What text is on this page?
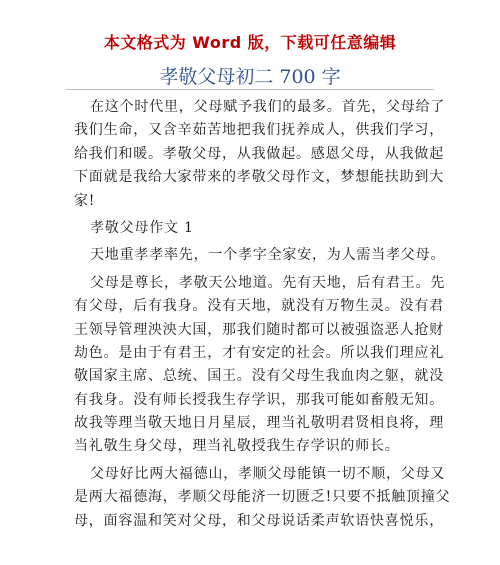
本文格式为 Word 版，下载可任意编辑
孝敬父母初二 700 字
在这个时代里，父母赋予我们的最多。首先，父母给了
我们生命，又含辛茹苦地把我们抚养成人，供我们学习，
给我们和暖。孝敬父母，从我做起。感恩父母，从我做起
下面就是我给大家带来的孝敬父母作文，梦想能扶助到大
家!
孝敬父母作文 1
天地重孝孝率先，一个孝字全家安，为人需当孝父母。
父母是尊长，孝敬天公地道。先有天地，后有君王。先
有父母，后有我身。没有天地，就没有万物生灵。没有君
王领导管理泱泱大国，那我们随时都可以被强盗恶人抢财
劫色。是由于有君王，才有安定的社会。所以我们理应礼
敬国家主席、总统、国王。没有父母生我血肉之躯，就没
有我身。没有师长授我生存学识，那我可能如畜般无知。
故我等理当敬天地日月星辰，理当礼敬明君贤相良将，理
当礼敬生身父母，理当礼敬授我生存学识的师长。
父母好比两大福德山，孝顺父母能镇一切不顺，父母又
是两大福德海，孝顺父母能济一切匮乏!只要不抵触顶撞父
母，面容温和笑对父母，和父母说话柔声软语快喜悦乐，
